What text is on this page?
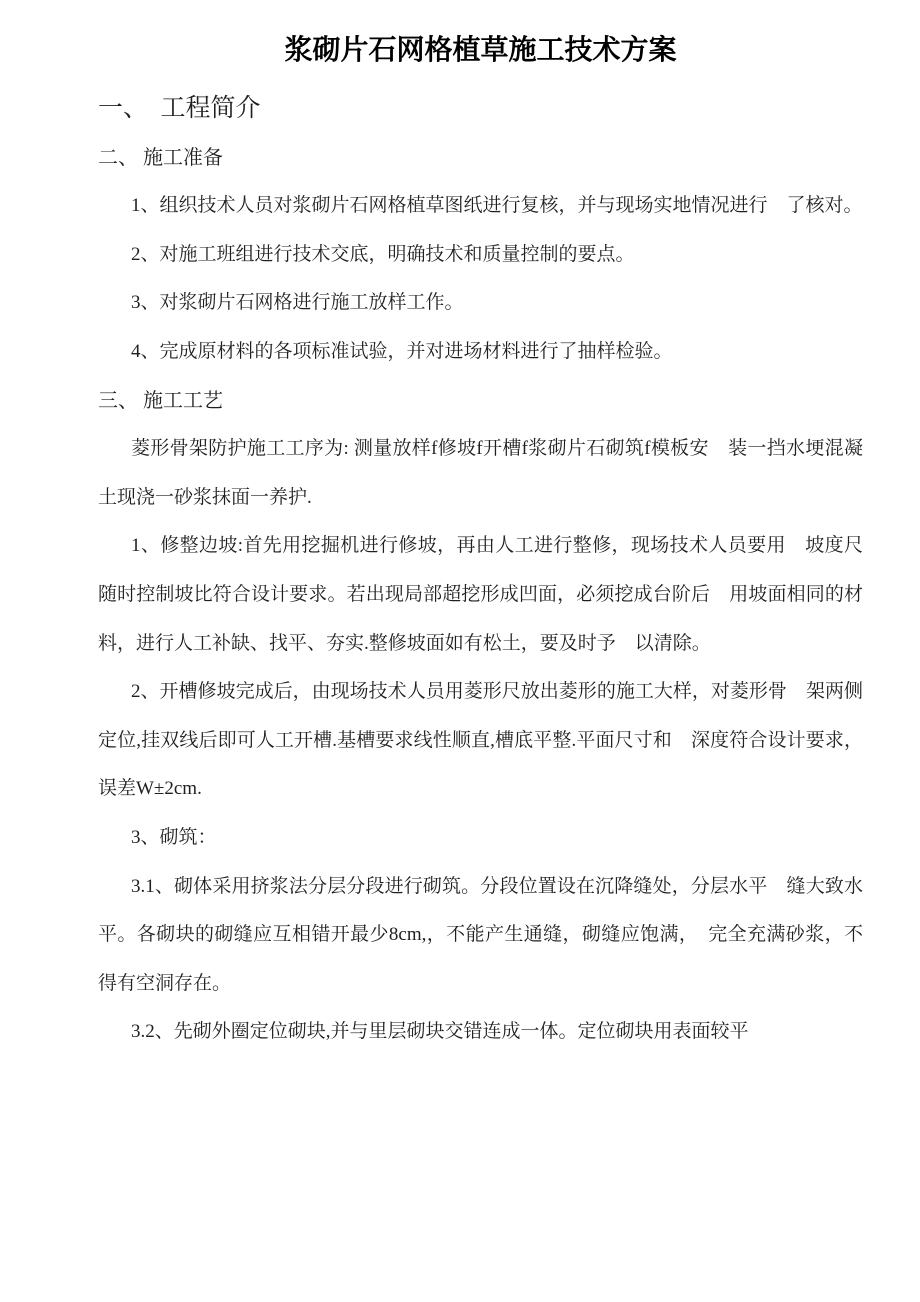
浆砌片石网格植草施工技术方案
一、　工程简介
二、 施工准备

1、组织技术人员对浆砌片石网格植草图纸进行复核，并与现场实地情况进行　了核对。

2、对施工班组进行技术交底，明确技术和质量控制的要点。

3、对浆砌片石网格进行施工放样工作。

4、完成原材料的各项标准试验，并对进场材料进行了抽样检验。

三、 施工工艺

菱形骨架防护施工工序为: 测量放样f修坡f开槽f浆砌片石砌筑f模板安　装一挡水埂混凝土现浇一砂浆抹面一养护.

1、修整边坡:首先用挖掘机进行修坡，再由人工进行整修，现场技术人员要用　坡度尺随时控制坡比符合设计要求。若出现局部超挖形成凹面，必须挖成台阶后　用坡面相同的材料，进行人工补缺、找平、夯实.整修坡面如有松土，要及时予　以清除。

2、开槽修坡完成后，由现场技术人员用菱形尺放出菱形的施工大样，对菱形骨　架两侧定位,挂双线后即可人工开槽.基槽要求线性顺直,槽底平整.平面尺寸和　深度符合设计要求，误差W±2cm.

3、砌筑：

3.1、砌体采用挤浆法分层分段进行砌筑。分段位置设在沉降缝处，分层水平　缝大致水平。各砌块的砌缝应互相错开最少8cm,，不能产生通缝，砌缝应饱满，　完全充满砂浆，不得有空洞存在。

3.2、先砌外圈定位砌块,并与里层砌块交错连成一体。定位砌块用表面较平
